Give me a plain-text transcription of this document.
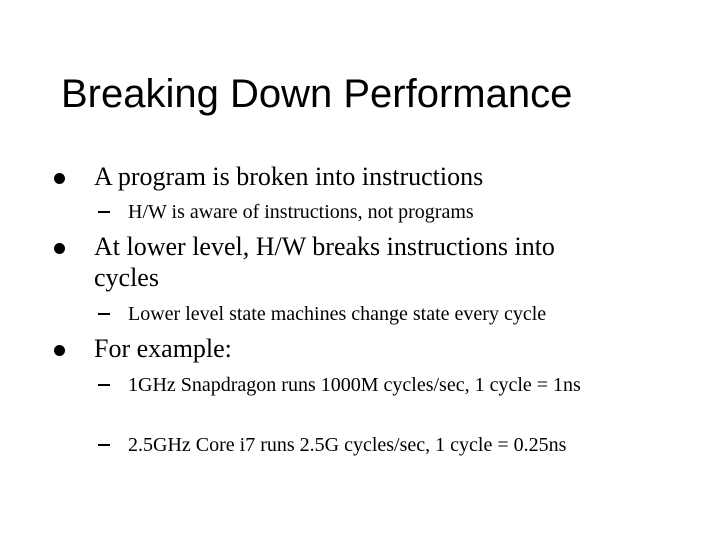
Breaking Down Performance
A program is broken into instructions
H/W is aware of instructions, not programs
At lower level, H/W breaks instructions into cycles
Lower level state machines change state every cycle
For example:
1GHz Snapdragon runs 1000M cycles/sec, 1 cycle = 1ns
2.5GHz Core i7 runs 2.5G cycles/sec, 1 cycle = 0.25ns
